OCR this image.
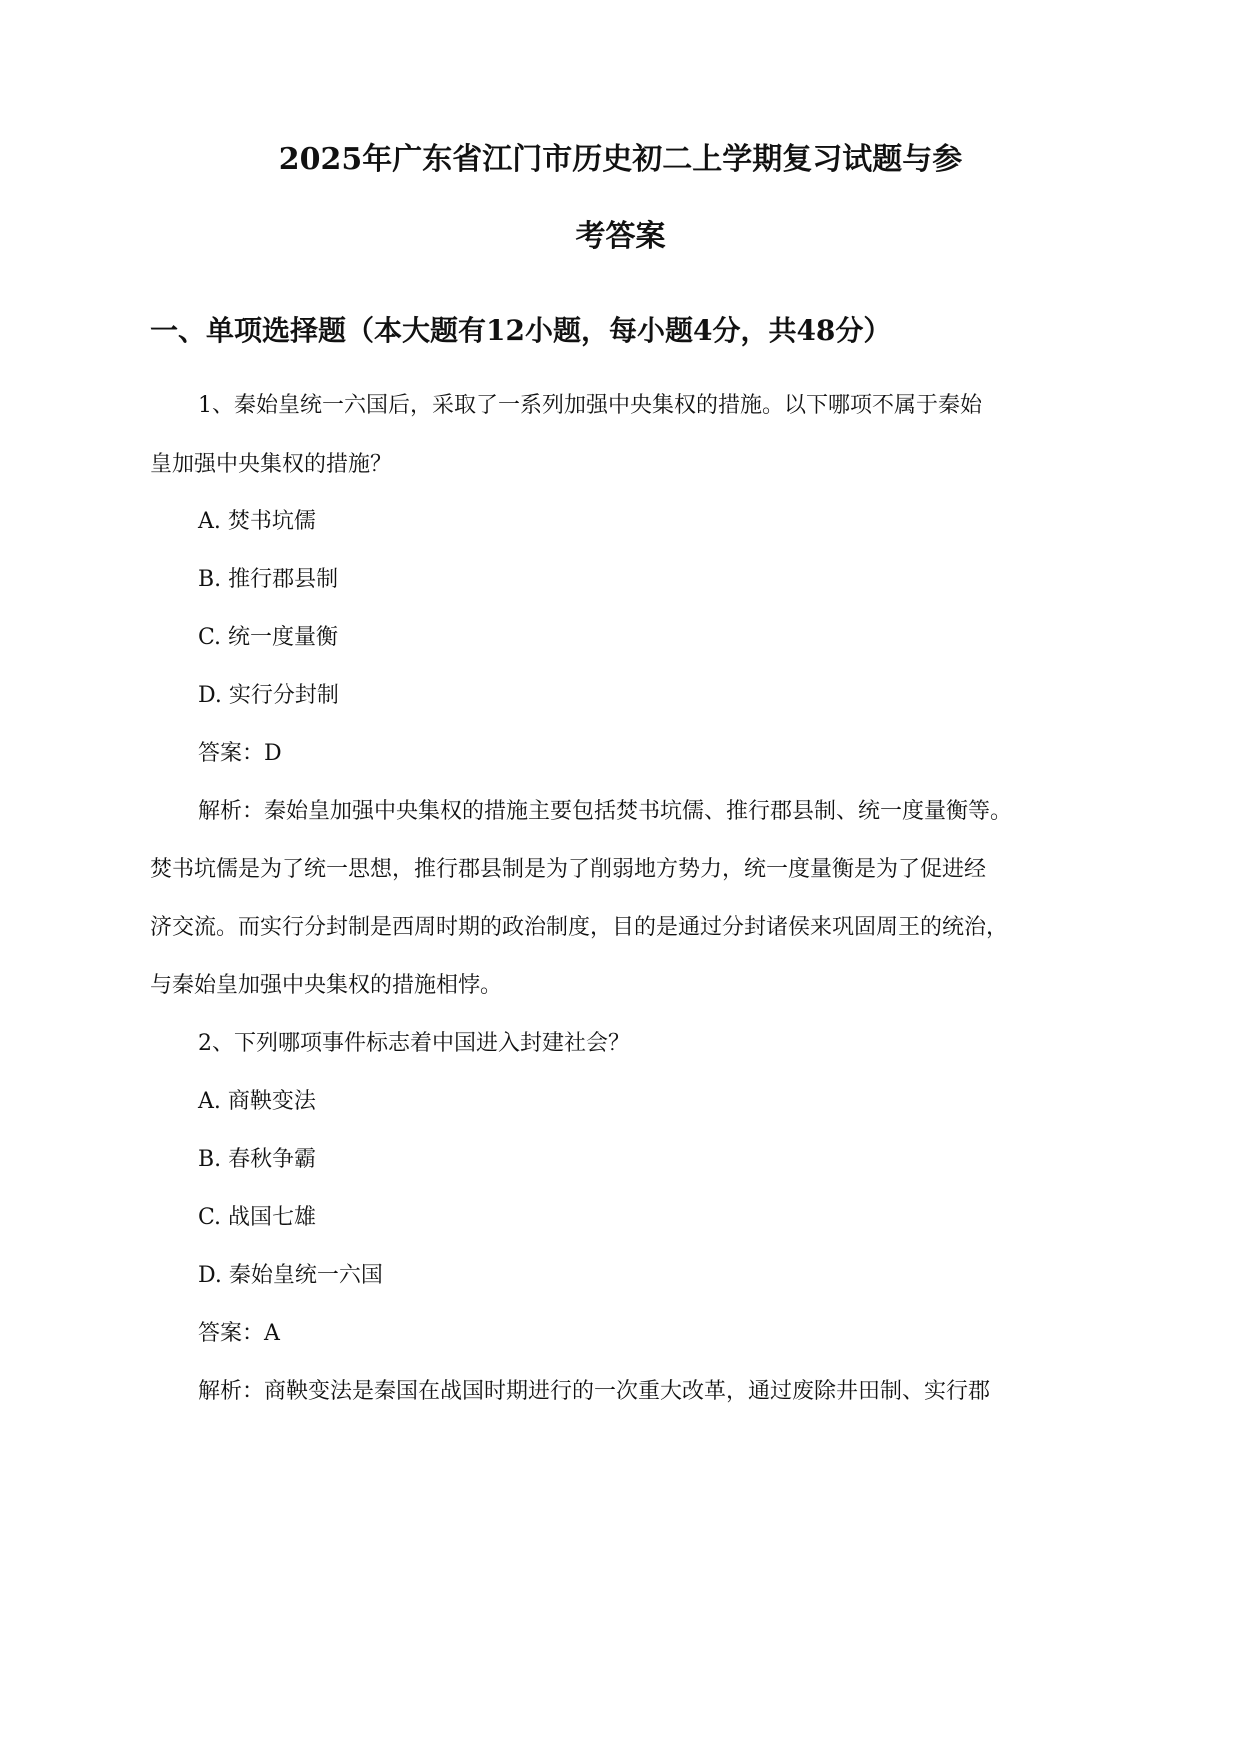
2025年广东省江门市历史初二上学期复习试题与参
考答案
一、单项选择题（本大题有12小题，每小题4分，共48分）
1、秦始皇统一六国后，采取了一系列加强中央集权的措施。以下哪项不属于秦始
皇加强中央集权的措施？
A. 焚书坑儒
B. 推行郡县制
C. 统一度量衡
D. 实行分封制
答案：D
解析：秦始皇加强中央集权的措施主要包括焚书坑儒、推行郡县制、统一度量衡等。
焚书坑儒是为了统一思想，推行郡县制是为了削弱地方势力，统一度量衡是为了促进经
济交流。而实行分封制是西周时期的政治制度，目的是通过分封诸侯来巩固周王的统治，
与秦始皇加强中央集权的措施相悖。
2、下列哪项事件标志着中国进入封建社会？
A. 商鞅变法
B. 春秋争霸
C. 战国七雄
D. 秦始皇统一六国
答案：A
解析：商鞅变法是秦国在战国时期进行的一次重大改革，通过废除井田制、实行郡
